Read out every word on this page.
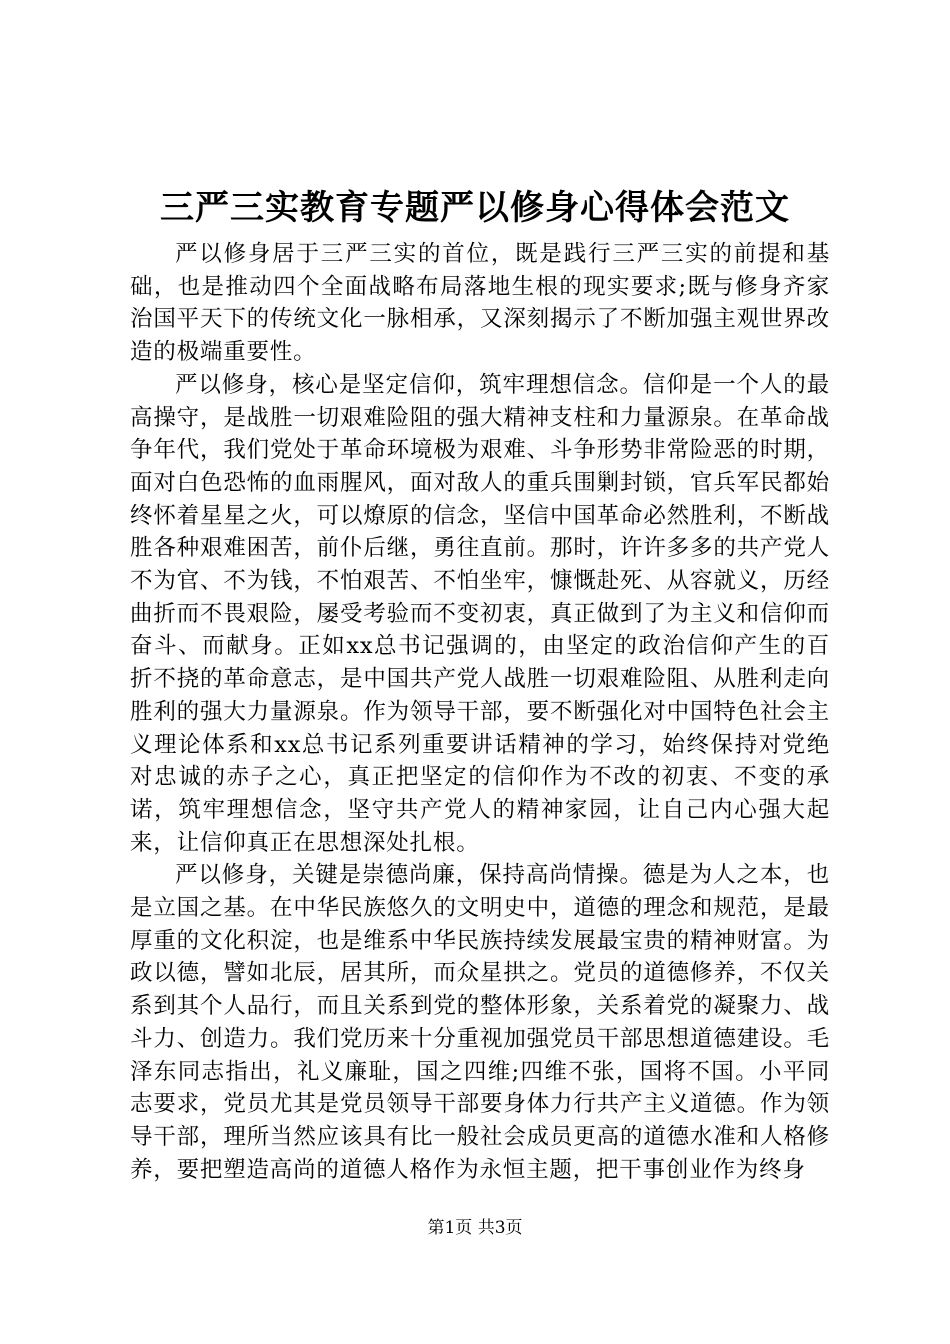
三严三实教育专题严以修身心得体会范文

严以修身居于三严三实的首位，既是践行三严三实的前提和基础，也是推动四个全面战略布局落地生根的现实要求;既与修身齐家治国平天下的传统文化一脉相承，又深刻揭示了不断加强主观世界改造的极端重要性。

严以修身，核心是坚定信仰，筑牢理想信念。信仰是一个人的最高操守，是战胜一切艰难险阻的强大精神支柱和力量源泉。在革命战争年代，我们党处于革命环境极为艰难、斗争形势非常险恶的时期，面对白色恐怖的血雨腥风，面对敌人的重兵围剿封锁，官兵军民都始终怀着星星之火，可以燎原的信念，坚信中国革命必然胜利，不断战胜各种艰难困苦，前仆后继，勇往直前。那时，许许多多的共产党人不为官、不为钱，不怕艰苦、不怕坐牢，慷慨赴死、从容就义，历经曲折而不畏艰险，屡受考验而不变初衷，真正做到了为主义和信仰而奋斗、而献身。正如xx总书记强调的，由坚定的政治信仰产生的百折不挠的革命意志，是中国共产党人战胜一切艰难险阻、从胜利走向胜利的强大力量源泉。作为领导干部，要不断强化对中国特色社会主义理论体系和xx总书记系列重要讲话精神的学习，始终保持对党绝对忠诚的赤子之心，真正把坚定的信仰作为不改的初衷、不变的承诺，筑牢理想信念，坚守共产党人的精神家园，让自己内心强大起来，让信仰真正在思想深处扎根。

严以修身，关键是崇德尚廉，保持高尚情操。德是为人之本，也是立国之基。在中华民族悠久的文明史中，道德的理念和规范，是最厚重的文化积淀，也是维系中华民族持续发展最宝贵的精神财富。为政以德，譬如北辰，居其所，而众星拱之。党员的道德修养，不仅关系到其个人品行，而且关系到党的整体形象，关系着党的凝聚力、战斗力、创造力。我们党历来十分重视加强党员干部思想道德建设。毛泽东同志指出，礼义廉耻，国之四维;四维不张，国将不国。小平同志要求，党员尤其是党员领导干部要身体力行共产主义道德。作为领导干部，理所当然应该具有比一般社会成员更高的道德水准和人格修养，要把塑造高尚的道德人格作为永恒主题，把干事创业作为终身

第1页 共3页
